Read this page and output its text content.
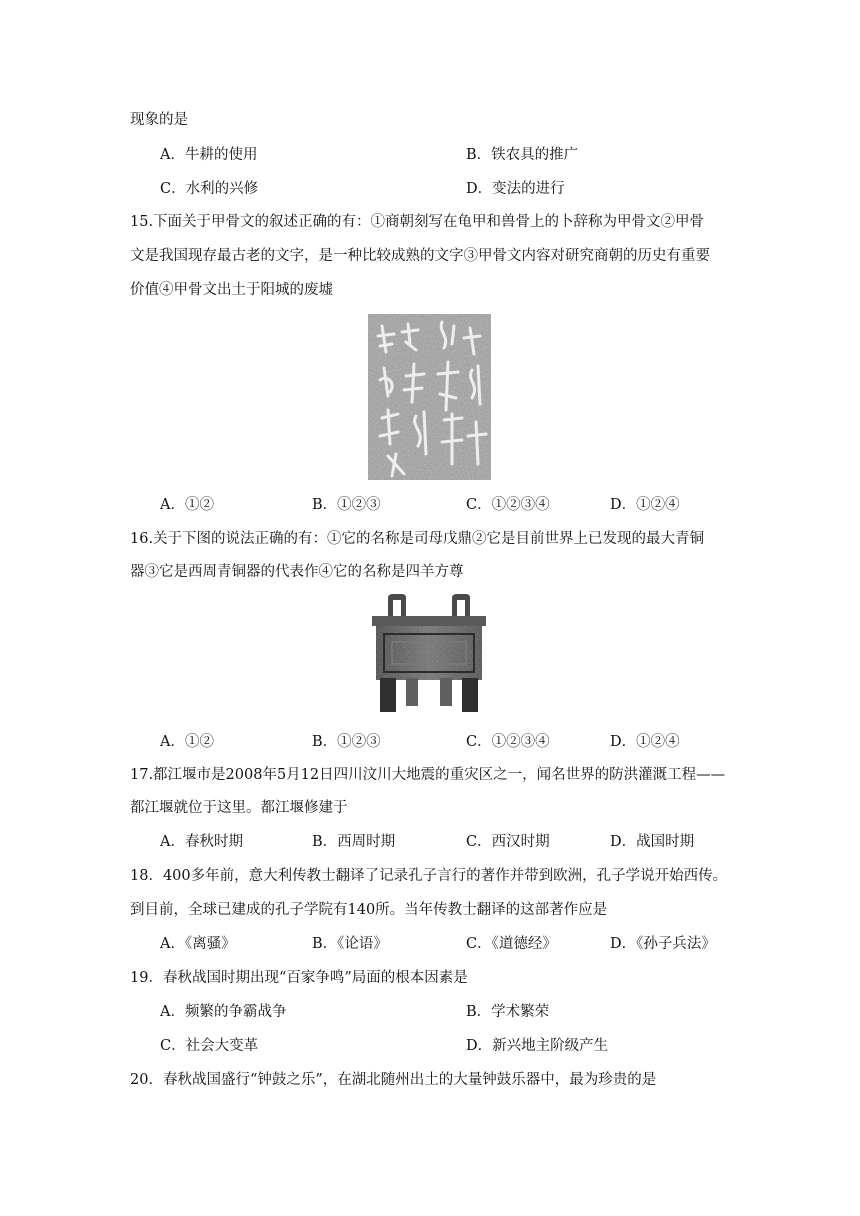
现象的是
A．牛耕的使用	B．铁农具的推广
C．水利的兴修	D．变法的进行
15.下面关于甲骨文的叙述正确的有：①商朝刻写在龟甲和兽骨上的卜辞称为甲骨文②甲骨
文是我国现存最古老的文字，是一种比较成熟的文字③甲骨文内容对研究商朝的历史有重要
价值④甲骨文出土于阳城的废墟
A．①②	B．①②③	C．①②③④	D．①②④
16.关于下图的说法正确的有：①它的名称是司母戊鼎②它是目前世界上已发现的最大青铜
器③它是西周青铜器的代表作④它的名称是四羊方尊
A．①②	B．①②③	C．①②③④	D．①②④
17.都江堰市是2008年5月12日四川汶川大地震的重灾区之一，闻名世界的防洪灌溉工程——
都江堰就位于这里。都江堰修建于
A．春秋时期	B．西周时期	C．西汉时期	D．战国时期
18．400多年前，意大利传教士翻译了记录孔子言行的著作并带到欧洲，孔子学说开始西传。
到目前，全球已建成的孔子学院有140所。当年传教士翻译的这部著作应是
A．《离骚》	B．《论语》	C．《道德经》	D．《孙子兵法》
19．春秋战国时期出现“百家争鸣”局面的根本因素是
A．频繁的争霸战争	B．学术繁荣
C．社会大变革	D．新兴地主阶级产生
20．春秋战国盛行“钟鼓之乐”，在湖北随州出土的大量钟鼓乐器中，最为珍贵的是
